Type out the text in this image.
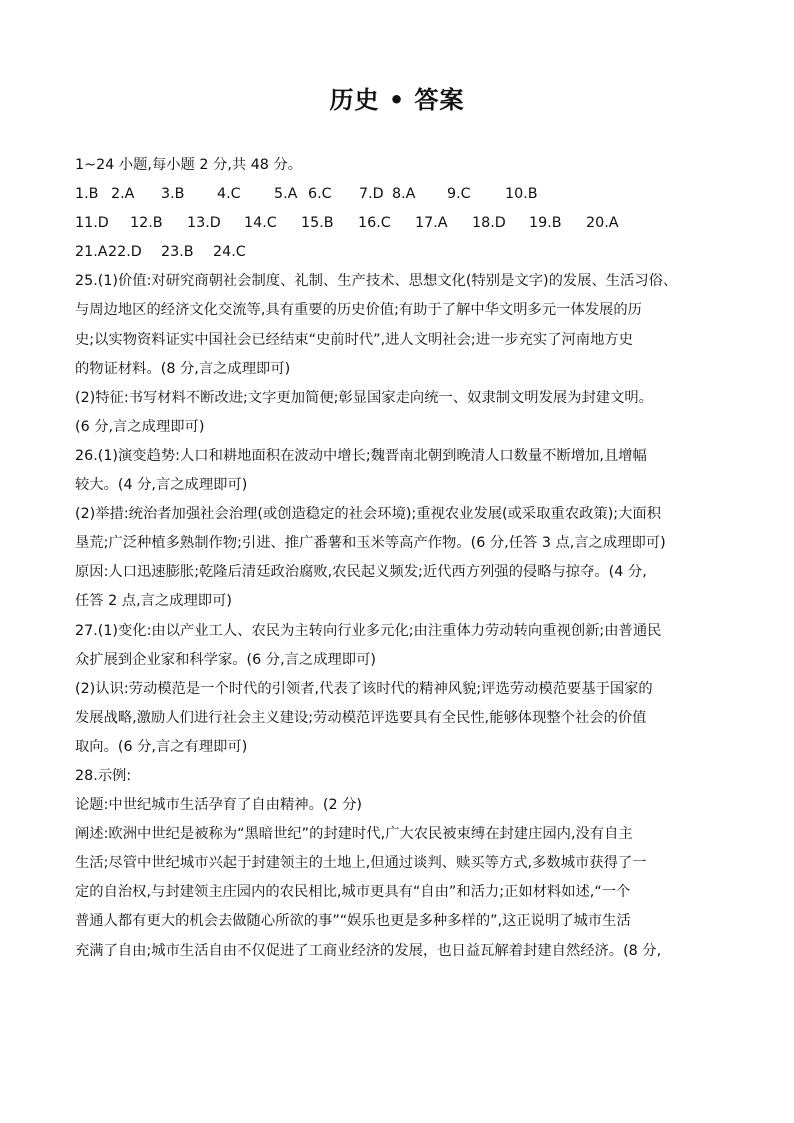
历史 • 答案
1~24 小题,每小题 2 分,共 48 分。
1.B 2.A	3.B	4.C	5.A 6.C	7.D 8.A	9.C	10.B
11.D	12.B	13.D	14.C	15.B	16.C	17.A	18.D	19.B	20.A
21.A 22.D	23.B	24.C
25.(1)价值:对研究商朝社会制度、礼制、生产技术、思想文化(特别是文字)的发展、生活习俗、
与周边地区的经济文化交流等,具有重要的历史价值;有助于了解中华文明多元一体发展的历
史;以实物资料证实中国社会已经结束“史前时代”,进人文明社会;进一步充实了河南地方史
的物证材料。(8 分,言之成理即可)
(2)特征:书写材料不断改进;文字更加简便;彰显国家走向统一、奴隶制文明发展为封建文明。
(6 分,言之成理即可)
26.(1)演变趋势:人口和耕地面积在波动中增长;魏晋南北朝到晚清人口数量不断增加,且增幅
较大。(4 分,言之成理即可)
(2)举措:统治者加强社会治理(或创造稳定的社会环境);重视农业发展(或采取重农政策);大面积
垦荒;广泛种植多熟制作物;引进、推广番薯和玉米等高产作物。(6 分,任答 3 点,言之成理即可)
原因:人口迅速膨胀;乾隆后清廷政治腐败,农民起义频发;近代西方列强的侵略与掠夺。(4 分,
任答 2 点,言之成理即可)
27.(1)变化:由以产业工人、农民为主转向行业多元化;由注重体力劳动转向重视创新;由普通民
众扩展到企业家和科学家。(6 分,言之成理即可)
(2)认识:劳动模范是一个时代的引领者,代表了该时代的精神风貌;评选劳动模范要基于国家的
发展战略,激励人们进行社会主义建设;劳动模范评选要具有全民性,能够体现整个社会的价值
取向。(6 分,言之有理即可)
28.示例:
论题:中世纪城市生活孕育了自由精神。(2 分)
阐述:欧洲中世纪是被称为“黑暗世纪”的封建时代,广大农民被束缚在封建庄园内,没有自主
生活;尽管中世纪城市兴起于封建领主的土地上,但通过谈判、赎买等方式,多数城市获得了一
定的自治权,与封建领主庄园内的农民相比,城市更具有“自由”和活力;正如材料如述,“一个
普通人都有更大的机会去做随心所欲的事”“娱乐也更是多种多样的”,这正说明了城市生活
充满了自由;城市生活自由不仅促进了工商业经济的发展，也日益瓦解着封建自然经济。(8 分,
